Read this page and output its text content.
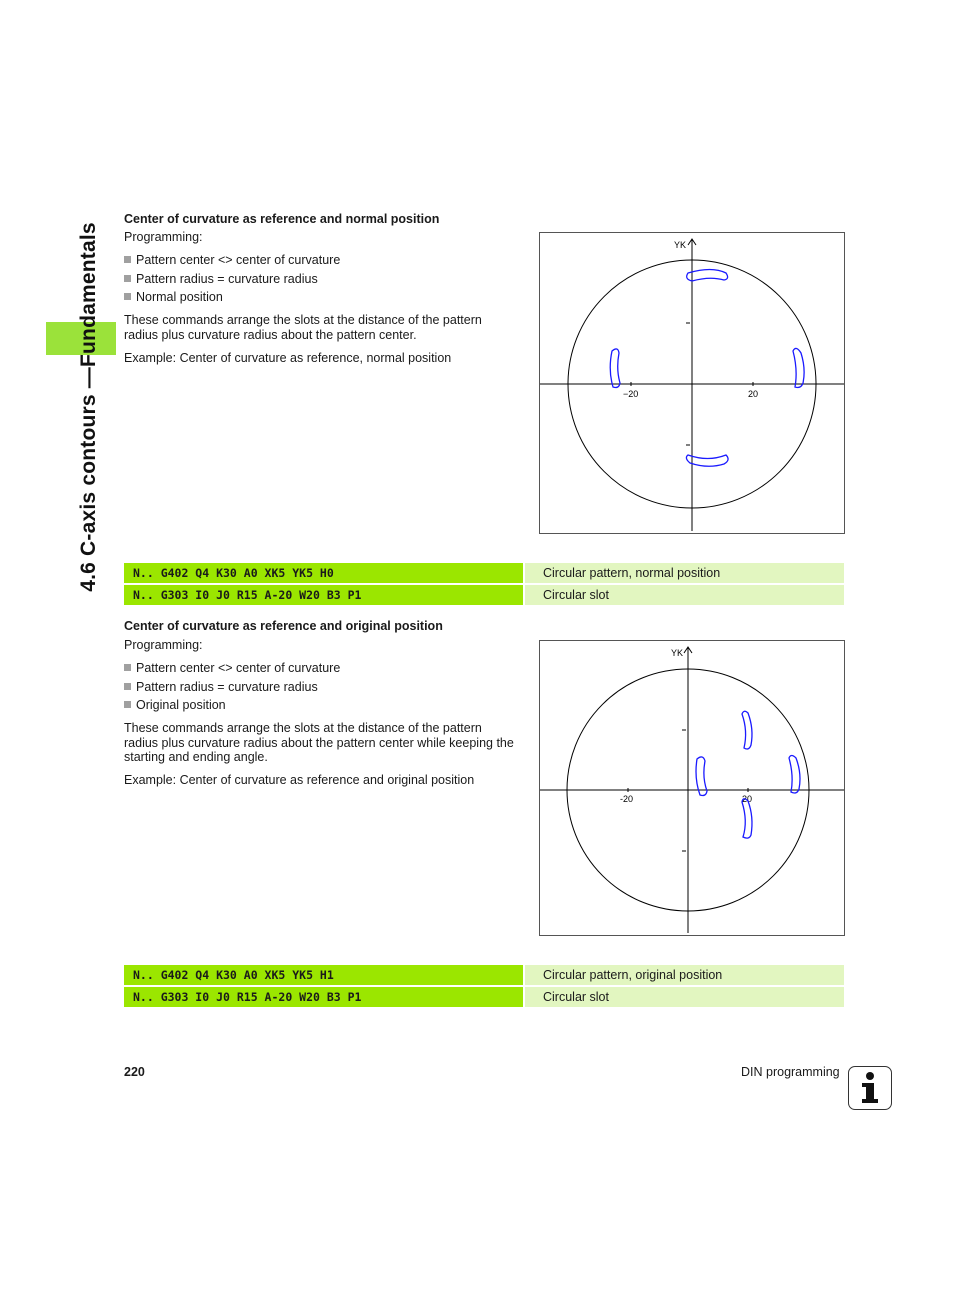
4.6 C-axis contours —Fundamentals
Center of curvature as reference and normal position
Programming:
Pattern center <> center of curvature
Pattern radius = curvature radius
Normal position
These commands arrange the slots at the distance of the pattern
radius plus curvature radius about the pattern center.
Example: Center of curvature as reference, normal position
YK
−20	20
N.. G402 Q4 K30 A0 XK5 YK5 H0	Circular pattern, normal position
N.. G303 I0 J0 R15 A-20 W20 B3 P1	Circular slot
Center of curvature as reference and original position
Programming:
Pattern center <> center of curvature
Pattern radius = curvature radius
Original position
These commands arrange the slots at the distance of the pattern
radius plus curvature radius about the pattern center while keeping the
starting and ending angle.
Example: Center of curvature as reference and original position
YK
-20	20
N.. G402 Q4 K30 A0 XK5 YK5 H1	Circular pattern, original position
N.. G303 I0 J0 R15 A-20 W20 B3 P1	Circular slot
220	DIN programming
